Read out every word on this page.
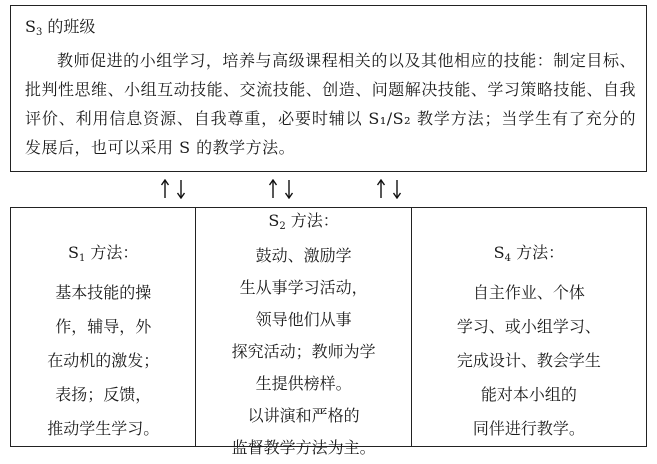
$S_3$ 的班级
教师促进的小组学习，培养与高级课程相关的以及其他相应的技能：制定目标、批判性思维、小组互动技能、交流技能、创造、问题解决技能、学习策略技能、自我评价、利用信息资源、自我尊重，必要时辅以 S₁/S₂ 教学方法；当学生有了充分的发展后，也可以采用 S 的教学方法。
$S_1$ 方法：
基本技能的操
作，辅导，外
在动机的激发；
表扬；反馈，
推动学生学习。
$S_2$ 方法：
鼓动、激励学
生从事学习活动，
领导他们从事
探究活动；教师为学
生提供榜样。
以讲演和严格的
监督教学方法为主。
$S_4$ 方法：
自主作业、个体
学习、或小组学习、
完成设计、教会学生
能对本小组的
同伴进行教学。
